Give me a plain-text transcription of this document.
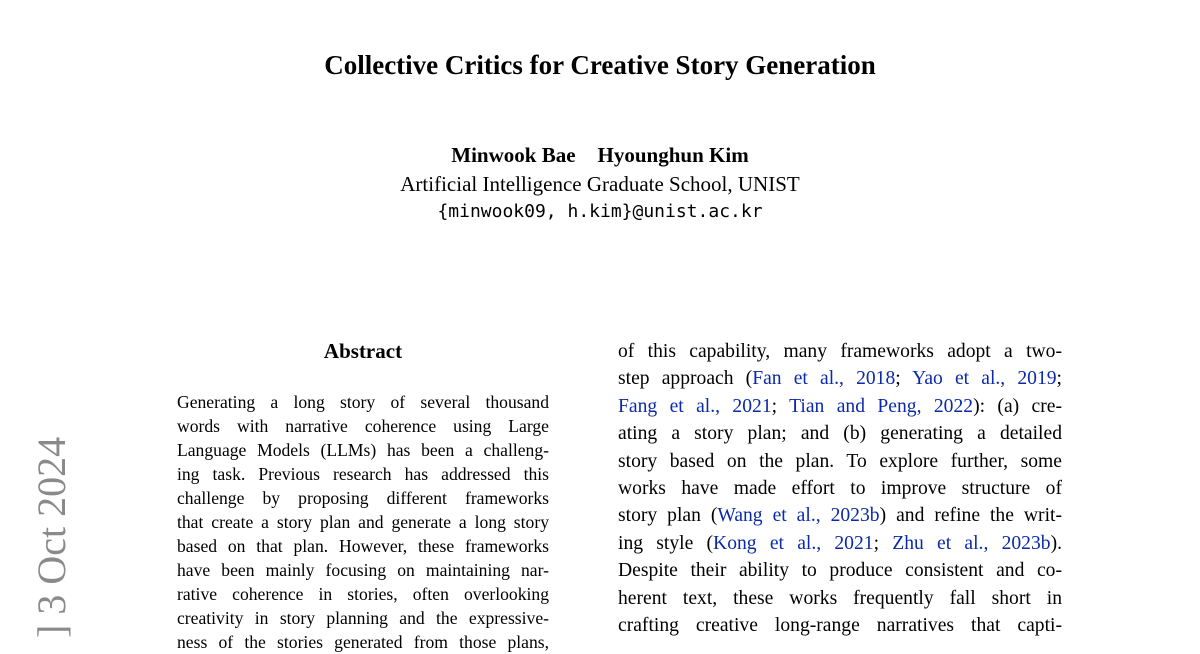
Collective Critics for Creative Story Generation
Minwook Bae Hyounghun Kim
Artificial Intelligence Graduate School, UNIST
{minwook09, h.kim}@unist.ac.kr
] 3 Oct 2024
Abstract
Generating a long story of several thousand
words with narrative coherence using Large
Language Models (LLMs) has been a challeng-
ing task. Previous research has addressed this
challenge by proposing different frameworks
that create a story plan and generate a long story
based on that plan. However, these frameworks
have been mainly focusing on maintaining nar-
rative coherence in stories, often overlooking
creativity in story planning and the expressive-
ness of the stories generated from those plans,
of this capability, many frameworks adopt a two-
step approach (Fan et al., 2018; Yao et al., 2019;
Fang et al., 2021; Tian and Peng, 2022): (a) cre-
ating a story plan; and (b) generating a detailed
story based on the plan. To explore further, some
works have made effort to improve structure of
story plan (Wang et al., 2023b) and refine the writ-
ing style (Kong et al., 2021; Zhu et al., 2023b).
Despite their ability to produce consistent and co-
herent text, these works frequently fall short in
crafting creative long-range narratives that capti-
